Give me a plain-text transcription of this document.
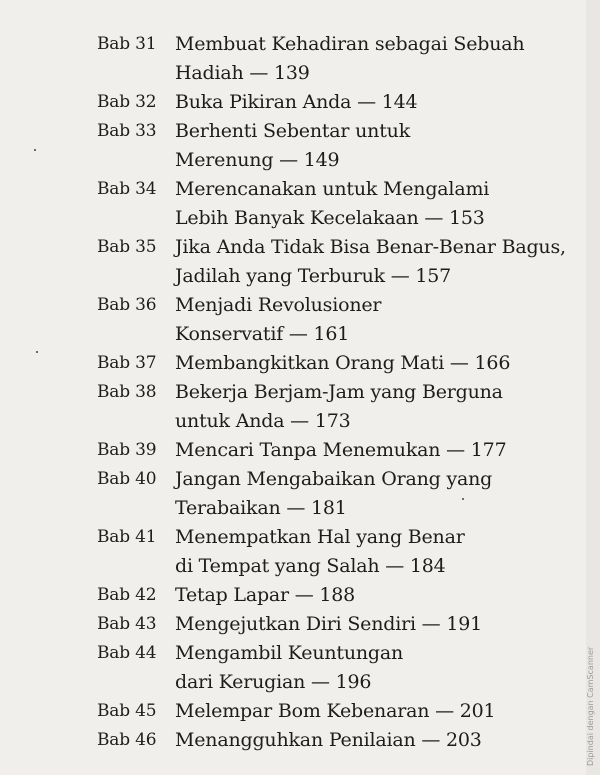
Bab 31 Membuat Kehadiran sebagai Sebuah
Hadiah — 139
Bab 32 Buka Pikiran Anda — 144
Bab 33 Berhenti Sebentar untuk
Merenung — 149
Bab 34 Merencanakan untuk Mengalami
Lebih Banyak Kecelakaan — 153
Bab 35 Jika Anda Tidak Bisa Benar-Benar Bagus,
Jadilah yang Terburuk — 157
Bab 36 Menjadi Revolusioner
Konservatif — 161
Bab 37 Membangkitkan Orang Mati — 166
Bab 38 Bekerja Berjam-Jam yang Berguna
untuk Anda — 173
Bab 39 Mencari Tanpa Menemukan — 177
Bab 40 Jangan Mengabaikan Orang yang
Terabaikan — 181
Bab 41 Menempatkan Hal yang Benar
di Tempat yang Salah — 184
Bab 42 Tetap Lapar — 188
Bab 43 Mengejutkan Diri Sendiri — 191
Bab 44 Mengambil Keuntungan
dari Kerugian — 196
Bab 45 Melempar Bom Kebenaran — 201
Bab 46 Menangguhkan Penilaian — 203	Dipindai dengan CamScanner
